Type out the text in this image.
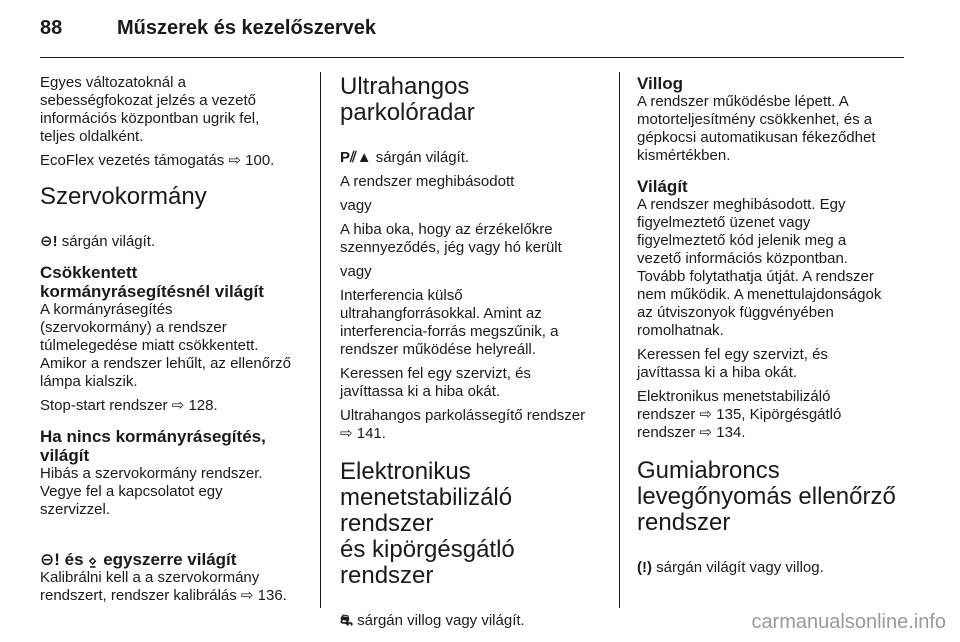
88	Műszerek és kezelőszervek

Egyes változatoknál a
sebességfokozat jelzés a vezető
információs központban ugrik fel,
teljes oldalként.

EcoFlex vezetés támogatás ⇨ 100.

Szervokormány

⊖! sárgán világít.

Csökkentett
kormányrásegítésnél világít

A kormányrásegítés
(szervokormány) a rendszer
túlmelegedése miatt csökkentett.
Amikor a rendszer lehűlt, az ellenőrző
lámpa kialszik.

Stop-start rendszer ⇨ 128.

Ha nincs kormányrásegítés,
világít

Hibás a szervokormány rendszer.
Vegye fel a kapcsolatot egy
szervizzel.

⊖! és ⍚ egyszerre világít

Kalibrálni kell a a szervokormány
rendszert, rendszer kalibrálás ⇨ 136.

Ultrahangos parkolóradar

P⫽▲ sárgán világít.

A rendszer meghibásodott

vagy

A hiba oka, hogy az érzékelőkre
szennyeződés, jég vagy hó került

vagy

Interferencia külső
ultrahangforrásokkal. Amint az
interferencia-forrás megszűnik, a
rendszer működése helyreáll.

Keressen fel egy szervizt, és
javíttassa ki a hiba okát.

Ultrahangos parkolássegítő rendszer
⇨ 141.

Elektronikus
menetstabilizáló rendszer
és kipörgésgátló rendszer

⛐ sárgán villog vagy világít.

Villog

A rendszer működésbe lépett. A
motorteljesítmény csökkenhet, és a
gépkocsi automatikusan fékeződhet
kismértékben.

Világít

A rendszer meghibásodott. Egy
figyelmeztető üzenet vagy
figyelmeztető kód jelenik meg a
vezető információs központban.
Tovább folytathatja útját. A rendszer
nem működik. A menettulajdonságok
az útviszonyok függvényében
romolhatnak.

Keressen fel egy szervizt, és
javíttassa ki a hiba okát.

Elektronikus menetstabilizáló
rendszer ⇨ 135, Kipörgésgátló
rendszer ⇨ 134.

Gumiabroncs
levegőnyomás ellenőrző
rendszer

(!) sárgán világít vagy villog.

carmanualsonline.info
